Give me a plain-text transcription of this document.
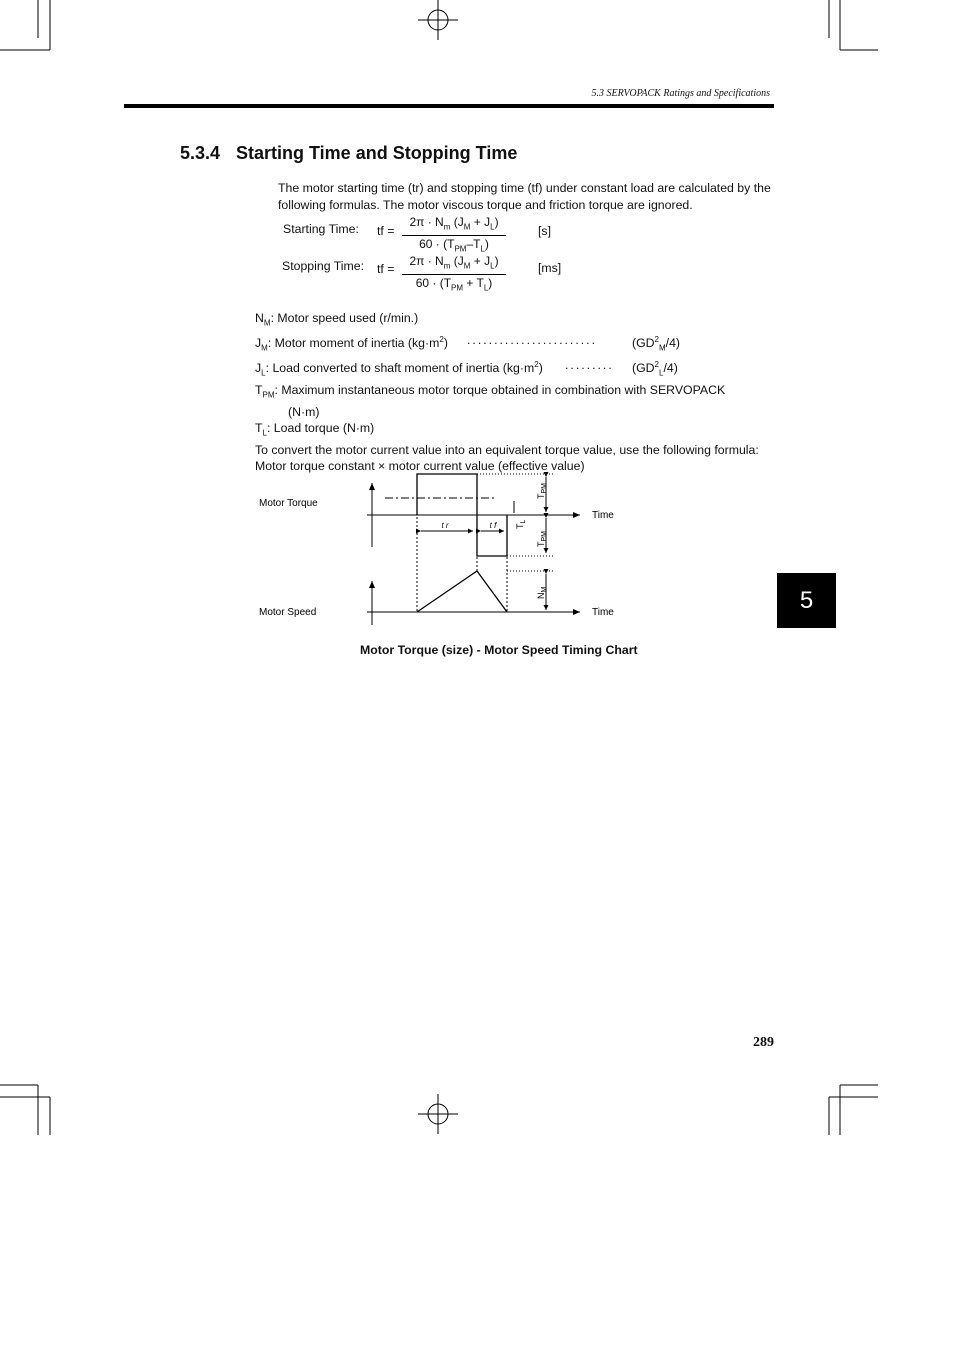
5.3 SERVOPACK Ratings and Specifications
5.3.4 Starting Time and Stopping Time
The motor starting time (tr) and stopping time (tf) under constant load are calculated by the following formulas. The motor viscous torque and friction torque are ignored.
Starting Time: tf =
$2\pi \cdot N_m$ $(J_M + J_L)$
$60 \cdot (T_{PM}-T_L)$
[s]
Stopping Time: tf =
$2\pi \cdot N_m$ $(J_M + J_L)$
$60 \cdot (T_{PM} + T_L)$
[ms]
$N_M$: Motor speed used (r/min.)
$J_M$: Motor moment of inertia $(kg\cdot m^2)$ ........................	$(GD^2_M/4)$
$J_L$: Load converted to shaft moment of inertia $(kg\cdot m^2)$ ......... $(GD^2_L/4)$
$T_{PM}$: Maximum instantaneous motor torque obtained in combination with SERVOPACK
(N·m)
$T_L$: Load torque (N·m)
To convert the motor current value into an equivalent torque value, use the following formula:
Motor torque constant × motor current value (effective value)
Motor Torque
Motor Speed
Time
Time
t r	t f
$T_{PM}$
$T_L$
$T_{PM}$
$N_M$
Motor Torque (size) - Motor Speed Timing Chart
5
289
